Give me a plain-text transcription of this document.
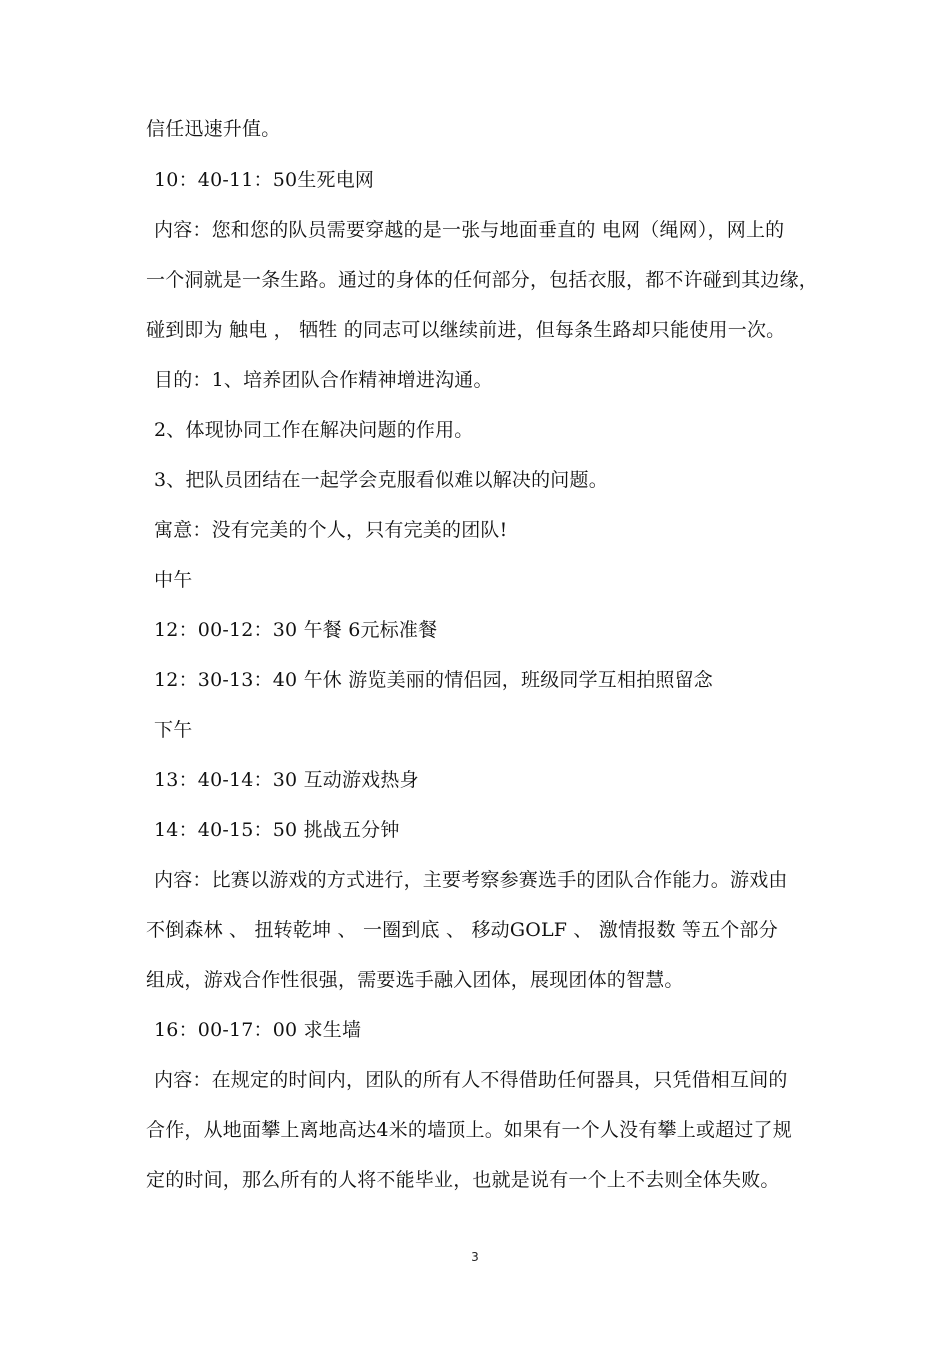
信任迅速升值。
10：40-11：50生死电网
内容：您和您的队员需要穿越的是一张与地面垂直的 电网（绳网），网上的
一个洞就是一条生路。通过的身体的任何部分，包括衣服，都不许碰到其边缘，
碰到即为 触电 ， 牺牲 的同志可以继续前进，但每条生路却只能使用一次。
目的：1、培养团队合作精神增进沟通。
2、体现协同工作在解决问题的作用。
3、把队员团结在一起学会克服看似难以解决的问题。
寓意：没有完美的个人，只有完美的团队!
中午
12：00-12：30 午餐 6元标准餐
12：30-13：40 午休 游览美丽的情侣园，班级同学互相拍照留念
下午
13：40-14：30 互动游戏热身
14：40-15：50 挑战五分钟
内容：比赛以游戏的方式进行，主要考察参赛选手的团队合作能力。游戏由
不倒森林 、 扭转乾坤 、 一圈到底 、 移动GOLF 、 激情报数 等五个部分
组成，游戏合作性很强，需要选手融入团体，展现团体的智慧。
16：00-17：00 求生墙
内容：在规定的时间内，团队的所有人不得借助任何器具，只凭借相互间的
合作，从地面攀上离地高达4米的墙顶上。如果有一个人没有攀上或超过了规
定的时间，那么所有的人将不能毕业，也就是说有一个上不去则全体失败。
3
